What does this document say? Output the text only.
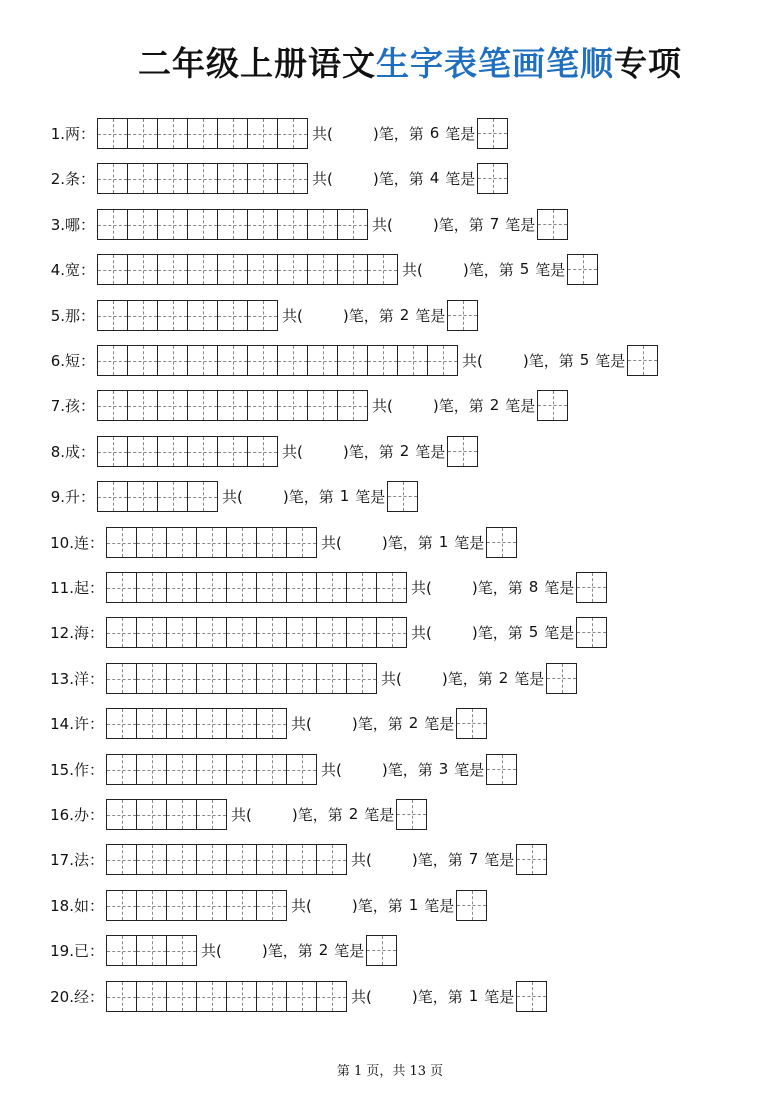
二年级上册语文生字表笔画笔顺专项
1.两：	共(	)笔，第 6 笔是
2.条：	共(	)笔，第 4 笔是
3.哪：	共(	)笔，第 7 笔是
4.宽：	共(	)笔，第 5 笔是
5.那：	共(	)笔，第 2 笔是
6.短：	共(	)笔，第 5 笔是
7.孩：	共(	)笔，第 2 笔是
8.成：	共(	)笔，第 2 笔是
9.升：	共(	)笔，第 1 笔是
10.连：	共(	)笔，第 1 笔是
11.起：	共(	)笔，第 8 笔是
12.海：	共(	)笔，第 5 笔是
13.洋：	共(	)笔，第 2 笔是
14.许：	共(	)笔，第 2 笔是
15.作：	共(	)笔，第 3 笔是
16.办：	共(	)笔，第 2 笔是
17.法：	共(	)笔，第 7 笔是
18.如：	共(	)笔，第 1 笔是
19.已：	共(	)笔，第 2 笔是
20.经：	共(	)笔，第 1 笔是
第 1 页，共 13 页
